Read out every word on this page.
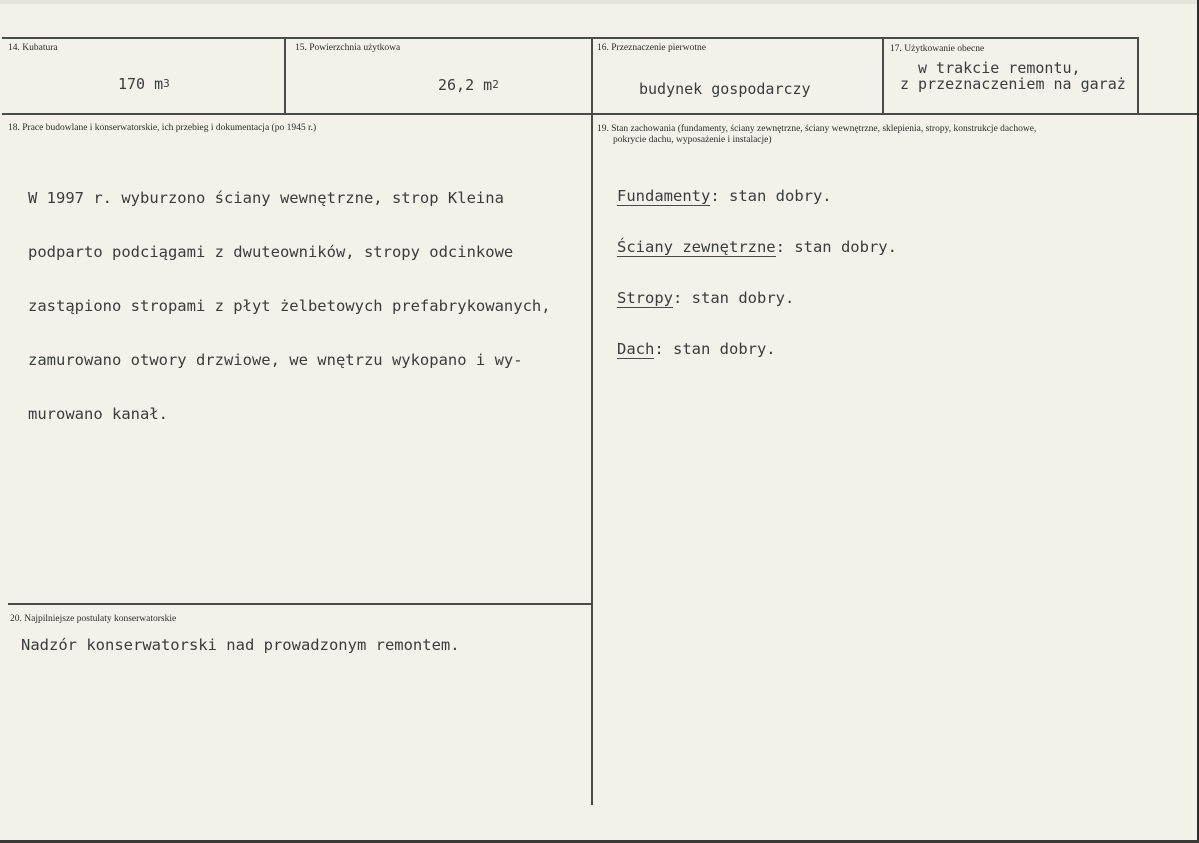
14. Kubatura
170 $m^3$
15. Powierzchnia użytkowa
26,2 $m^2$
16. Przeznaczenie pierwotne
budynek gospodarczy
17. Użytkowanie obecne
w trakcie remontu,
z przeznaczeniem na garaż
18. Prace budowlane i konserwatorskie, ich przebieg i dokumentacja (po 1945 r.)

W 1997 r. wyburzono ściany wewnętrzne, strop Kleina

podparto podciągami z dwuteowników, stropy odcinkowe

zastąpiono stropami z płyt żelbetowych prefabrykowanych,

zamurowano otwory drzwiowe, we wnętrzu wykopano i wy-

murowano kanał.

19. Stan zachowania (fundamenty, ściany zewnętrzne, ściany wewnętrzne, sklepienia, stropy, konstrukcje dachowe,
pokrycie dachu, wyposażenie i instalacje)

Fundamenty: stan dobry.

Ściany zewnętrzne: stan dobry.

Stropy: stan dobry.

Dach: stan dobry.

20. Najpilniejsze postulaty konserwatorskie
Nadzór konserwatorski nad prowadzonym remontem.
